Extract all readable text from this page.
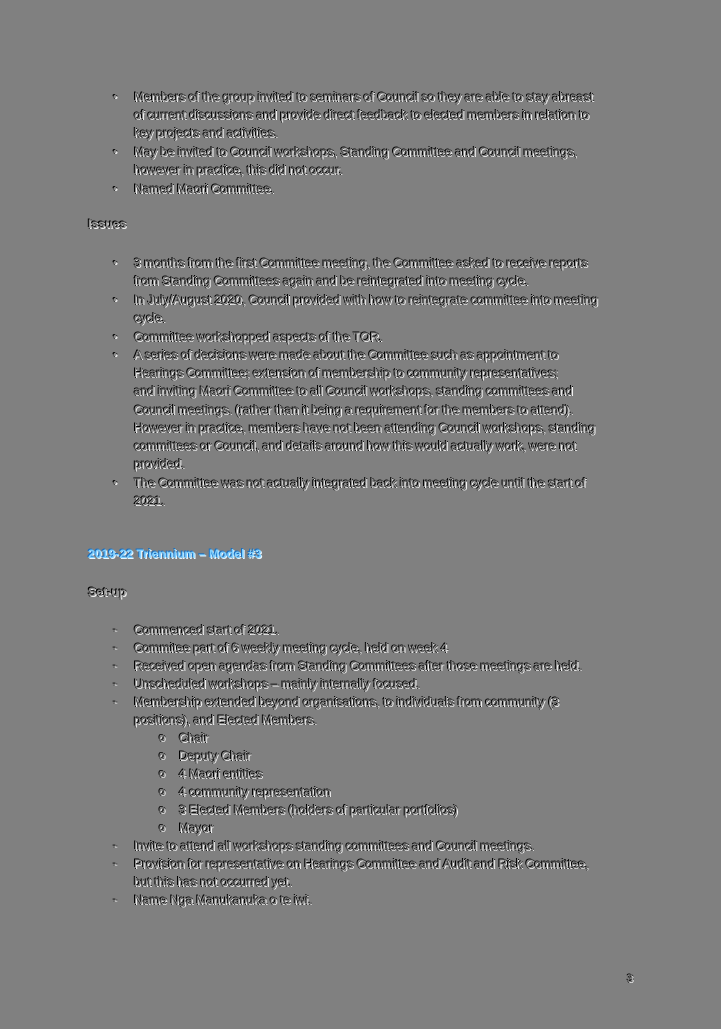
• Members of the group invited to seminars of Council so they are able to stay abreast
of current discussions and provide direct feedback to elected members in relation to
key projects and activities.
• May be invited to Council workshops, Standing Committee and Council meetings,
however in practice, this did not occur.
• Named Maori Committee.
Issues
• 3 months from the first Committee meeting, the Committee asked to receive reports
from Standing Committees again and be reintegrated into meeting cycle.
• In July/August 2020, Council provided with how to reintegrate committee into meeting
cycle.
• Committee workshopped aspects of the TOR.
• A series of decisions were made about the Committee such as appointment to
Hearings Committee; extension of membership to community representatives;
and inviting Maori Committee to all Council workshops, standing committees and
Council meetings. (rather than it being a requirement for the members to attend).
However in practice, members have not been attending Council workshops, standing
committees or Council, and details around how this would actually work, were not
provided.
• The Committee was not actually integrated back into meeting cycle until the start of
2021.
2019-22 Triennium – Model #3
Set-up
- Commenced start of 2021.
- Commitee part of 6 weekly meeting cycle, held on week 4
- Received open agendas from Standing Committees after those meetings are held.
- Unscheduled workshops – mainly internally focused.
- Membership extended beyond organisations, to individuals from community (3
positions), and Elected Members.
o Chair
o Deputy Chair
o 4 Maori entities
o 4 community representation
o 3 Elected Members (holders of particular portfolios)
o Mayor
- Invite to attend all workshops standing committees and Council meetings.
- Provision for representative on Hearings Committee and Audit and Risk Committee,
but this has not occurred yet.
- Name Nga Manukanuka o te iwi.
3
